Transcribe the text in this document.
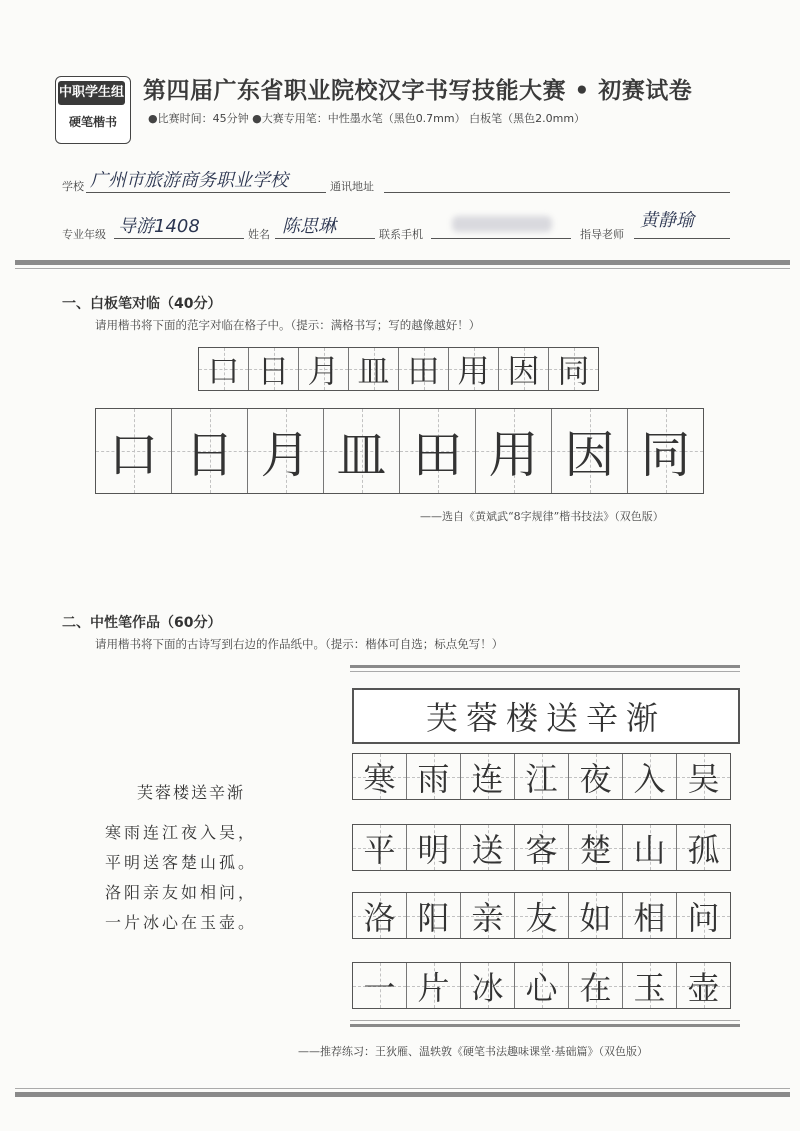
中职学生组
硬笔楷书
第四届广东省职业院校汉字书写技能大赛 • 初赛试卷
●比赛时间：45分钟 ●大赛专用笔：中性墨水笔（黑色0.7mm） 白板笔（黑色2.0mm）
学校 广州市旅游商务职业学校	通讯地址
专业年级 导游1408	姓名 陈思琳	联系手机	指导老师
黄静瑜
一、白板笔对临（40分）
请用楷书将下面的范字对临在格子中。（提示：满格书写；写的越像越好！）
口 日 月 皿 田 用 因 同
口 日 月 皿 田 用 因 同
——选自《黄斌武“8字规律”楷书技法》（双色版）
二、中性笔作品（60分）
请用楷书将下面的古诗写到右边的作品纸中。（提示：楷体可自选；标点免写！）
芙蓉楼送辛渐
寒雨连江夜入吴，
平明送客楚山孤。
洛阳亲友如相问，
一片冰心在玉壶。
芙蓉楼送辛渐
寒 雨 连 江 夜 入 吴
平 明 送 客 楚 山 孤
洛 阳 亲 友 如 相 问
一 片 冰 心 在 玉 壶
——推荐练习：王狄雁、温轶敦《硬笔书法趣味课堂·基础篇》（双色版）
